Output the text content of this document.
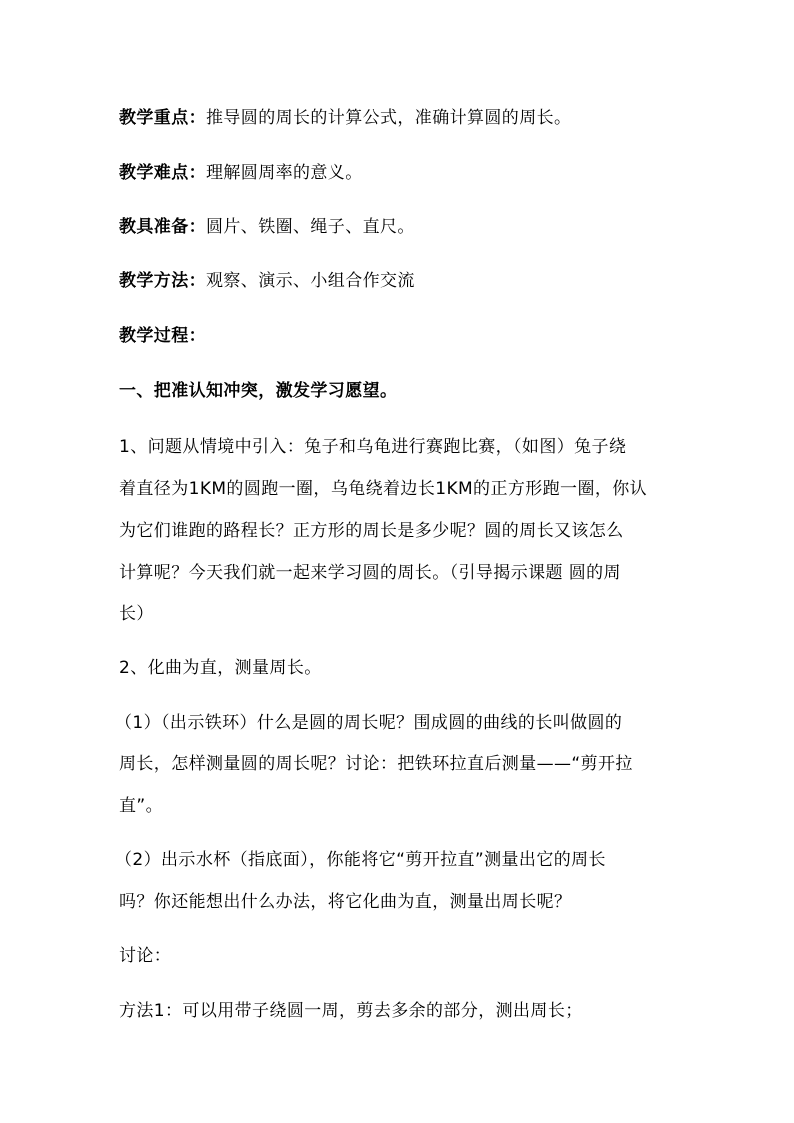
教学重点：推导圆的周长的计算公式，准确计算圆的周长。
教学难点：理解圆周率的意义。
教具准备：圆片、铁圈、绳子、直尺。
教学方法：观察、演示、小组合作交流
教学过程：
一、把准认知冲突，激发学习愿望。
1、问题从情境中引入：兔子和乌龟进行赛跑比赛，（如图）兔子绕
着直径为1KM的圆跑一圈，乌龟绕着边长1KM的正方形跑一圈，你认
为它们谁跑的路程长？正方形的周长是多少呢？圆的周长又该怎么
计算呢？今天我们就一起来学习圆的周长。（引导揭示课题 圆的周
长）
2、化曲为直，测量周长。
（1）（出示铁环）什么是圆的周长呢？围成圆的曲线的长叫做圆的
周长，怎样测量圆的周长呢？讨论：把铁环拉直后测量——“剪开拉
直”。
（2）出示水杯（指底面），你能将它“剪开拉直”测量出它的周长
吗？你还能想出什么办法，将它化曲为直，测量出周长呢？
讨论：
方法1：可以用带子绕圆一周，剪去多余的部分，测出周长；
